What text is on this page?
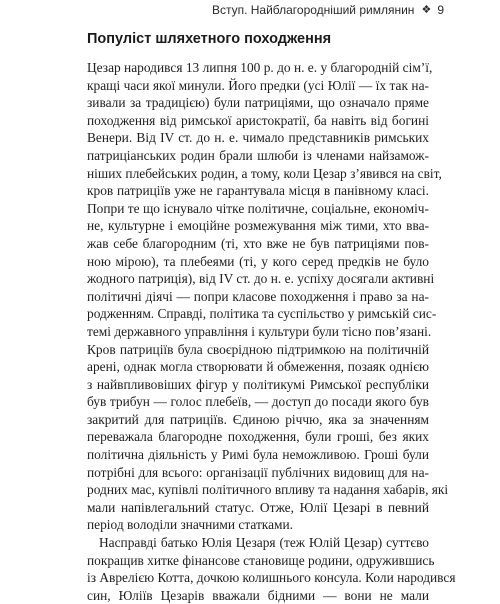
Вступ. Найблагородніший римлянин ❖ 9
Популіст шляхетного походження
Цезар народився 13 липня 100 р. до н. е. у благородній сім’ї,
кращі часи якої минули. Його предки (усі Юлії — їх так на-
зивали за традицією) були патриціями, що означало пряме
походження від римської аристократії, ба навіть від богині
Венери. Від IV ст. до н. е. чимало представників римських
патриціанських родин брали шлюби із членами найзамож-
ніших плебейських родин, а тому, коли Цезар з’явився на світ,
кров патриціїв уже не гарантувала місця в панівному класі.
Попри те що існувало чітке політичне, соціальне, економіч-
не, культурне і емоційне розмежування між тими, хто вва-
жав себе благородним (ті, хто вже не був патриціями пов-
ною мірою), та плебеями (ті, у кого серед предків не було
жодного патриція), від IV ст. до н. е. успіху досягали активні
політичні діячі — попри класове походження і право за на-
родженням. Справді, політика та суспільство у римській сис-
темі державного управління і культури були тісно пов’язані.
Кров патриціїв була своєрідною підтримкою на політичній
арені, однак могла створювати й обмеження, позаяк однією
з найвпливовіших фігур у політикумі Римської республіки
був трибун — голос плебеїв, — доступ до посади якого був
закритий для патриціїв. Єдиною річчю, яка за значенням
переважала благородне походження, були гроші, без яких
політична діяльність у Римі була неможливою. Гроші були
потрібні для всього: організації публічних видовищ для на-
родних мас, купівлі політичного впливу та надання хабарів, які
мали напівлегальний статус. Отже, Юлії Цезарі в певний
період володіли значними статками.
Насправді батько Юлія Цезаря (теж Юлій Цезар) суттєво
покращив хитке фінансове становище родини, одружившись
із Аврелією Котта, дочкою колишнього консула. Коли народився
син, Юліїв Цезарів вважали бідними — вони не мали
